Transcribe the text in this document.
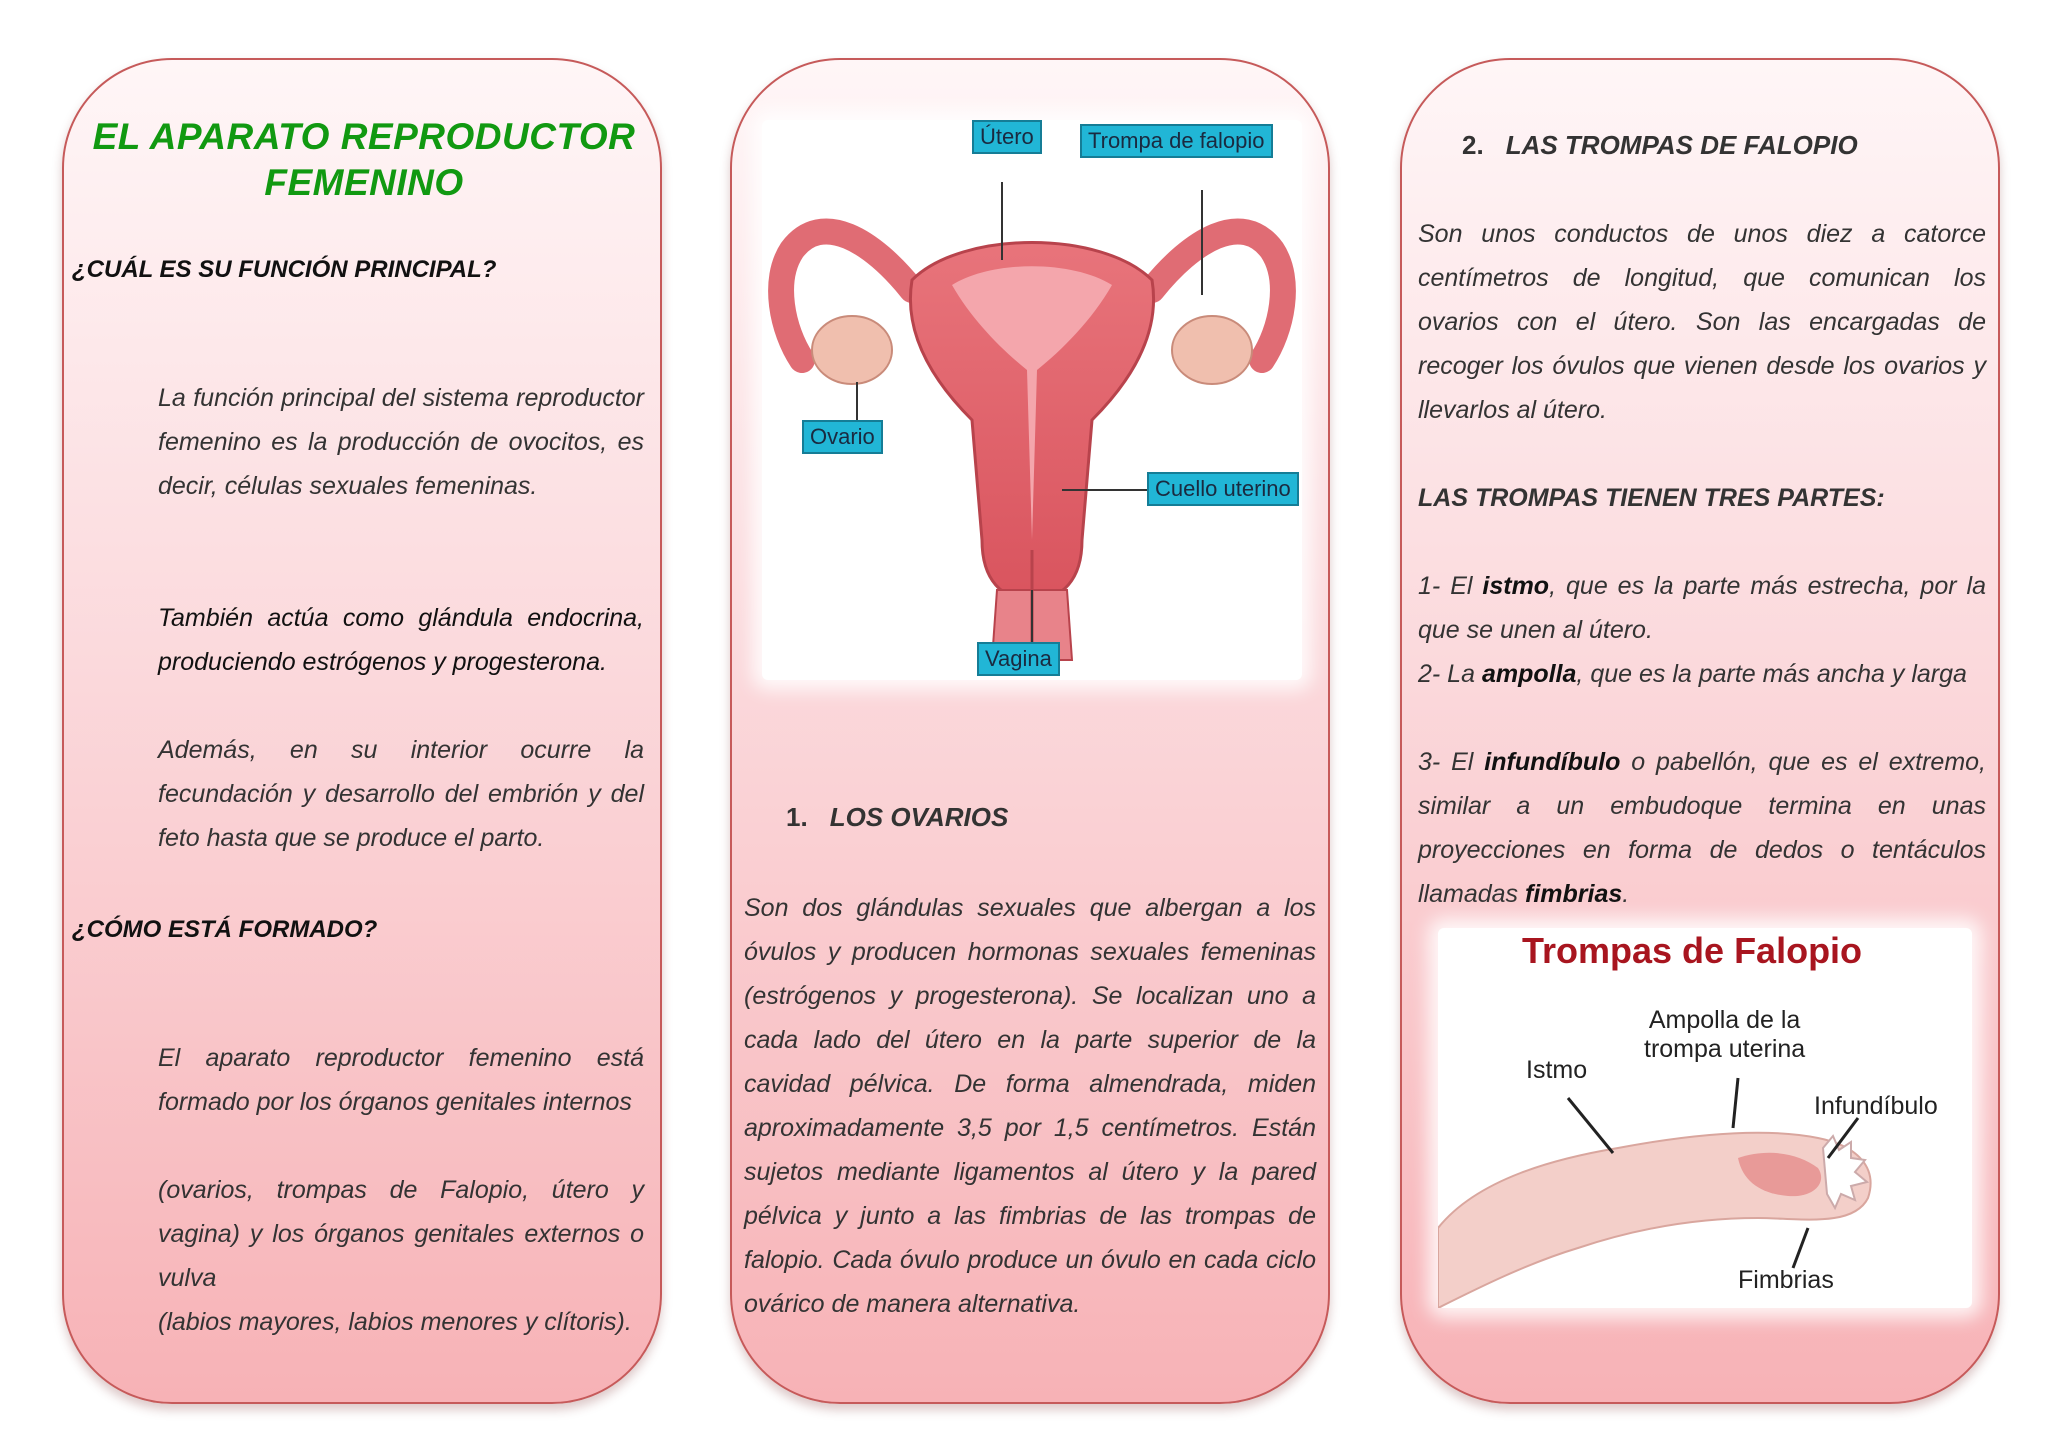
EL APARATO REPRODUCTOR
FEMENINO
¿CUÁL ES SU FUNCIÓN PRINCIPAL?

La función principal del sistema reproductor femenino es la producción de ovocitos, es decir, células sexuales femeninas.

También actúa como glándula endocrina, produciendo estrógenos y progesterona.

Además, en su interior ocurre la fecundación y desarrollo del embrión y del feto hasta que se produce el parto.

¿CÓMO ESTÁ FORMADO?

El aparato reproductor femenino está formado por los órganos genitales internos

(ovarios, trompas de Falopio, útero y vagina) y los órganos genitales externos o vulva

(labios mayores, labios menores y clítoris).

Útero	Trompa de falopio
Ovario
Cuello uterino
Vagina
1. LOS OVARIOS

Son dos glándulas sexuales que albergan a los óvulos y producen hormonas sexuales femeninas (estrógenos y progesterona). Se localizan uno a cada lado del útero en la parte superior de la cavidad pélvica. De forma almendrada, miden aproximadamente 3,5 por 1,5 centímetros. Están sujetos mediante ligamentos al útero y la pared pélvica y junto a las fimbrias de las trompas de falopio. Cada óvulo produce un óvulo en cada ciclo ovárico de manera alternativa.

2. LAS TROMPAS DE FALOPIO

Son unos conductos de unos diez a catorce centímetros de longitud, que comunican los ovarios con el útero. Son las encargadas de recoger los óvulos que vienen desde los ovarios y llevarlos al útero.

LAS TROMPAS TIENEN TRES PARTES:

1- El istmo, que es la parte más estrecha, por la que se unen al útero.

2- La ampolla, que es la parte más ancha y larga

3- El infundíbulo o pabellón, que es el extremo, similar a un embudoque termina en unas proyecciones en forma de dedos o tentáculos llamadas fimbrias.

Trompas de Falopio
Ampolla de la
trompa uterina
Istmo
Infundíbulo
Fimbrias
